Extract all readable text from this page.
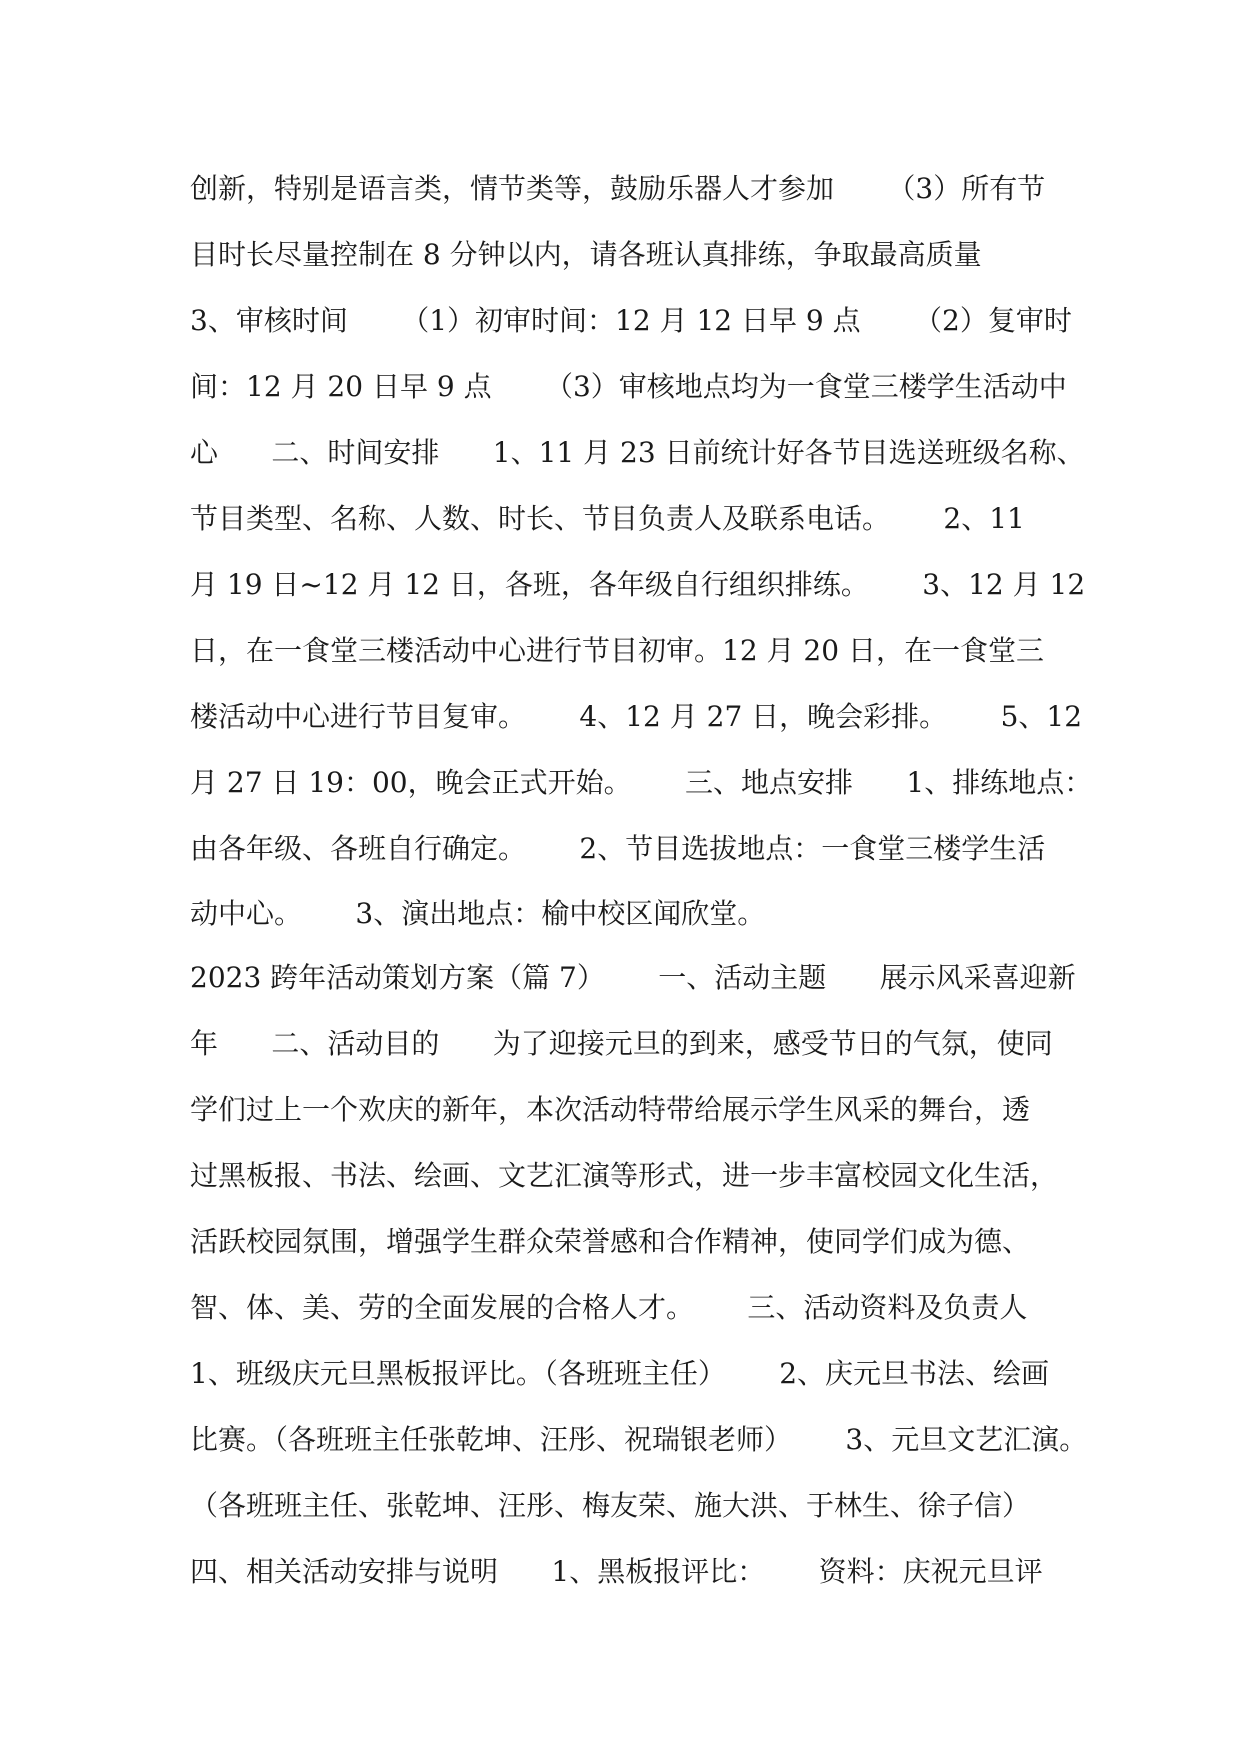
创新，特别是语言类，情节类等，鼓励乐器人才参加      （3）所有节
目时长尽量控制在 8 分钟以内，请各班认真排练，争取最高质量
3、审核时间      （1）初审时间：12 月 12 日早 9 点      （2）复审时
间：12 月 20 日早 9 点      （3）审核地点均为一食堂三楼学生活动中
心      二、时间安排      1、11 月 23 日前统计好各节目选送班级名称、
节目类型、名称、人数、时长、节目负责人及联系电话。      2、11
月 19 日~12 月 12 日，各班，各年级自行组织排练。      3、12 月 12
日，在一食堂三楼活动中心进行节目初审。12 月 20 日，在一食堂三
楼活动中心进行节目复审。      4、12 月 27 日，晚会彩排。      5、12
月 27 日 19：00，晚会正式开始。      三、地点安排      1、排练地点：
由各年级、各班自行确定。      2、节目选拔地点：一食堂三楼学生活
动中心。      3、演出地点：榆中校区闻欣堂。
2023 跨年活动策划方案（篇 7）      一、活动主题      展示风采喜迎新
年      二、活动目的      为了迎接元旦的到来，感受节日的气氛，使同
学们过上一个欢庆的新年，本次活动特带给展示学生风采的舞台，透
过黑板报、书法、绘画、文艺汇演等形式，进一步丰富校园文化生活，
活跃校园氛围，增强学生群众荣誉感和合作精神，使同学们成为德、
智、体、美、劳的全面发展的合格人才。      三、活动资料及负责人
1、班级庆元旦黑板报评比。（各班班主任）      2、庆元旦书法、绘画
比赛。（各班班主任张乾坤、汪彤、祝瑞银老师）      3、元旦文艺汇演。
（各班班主任、张乾坤、汪彤、梅友荣、施大洪、于林生、徐子信）
四、相关活动安排与说明      1、黑板报评比：      资料：庆祝元旦评
